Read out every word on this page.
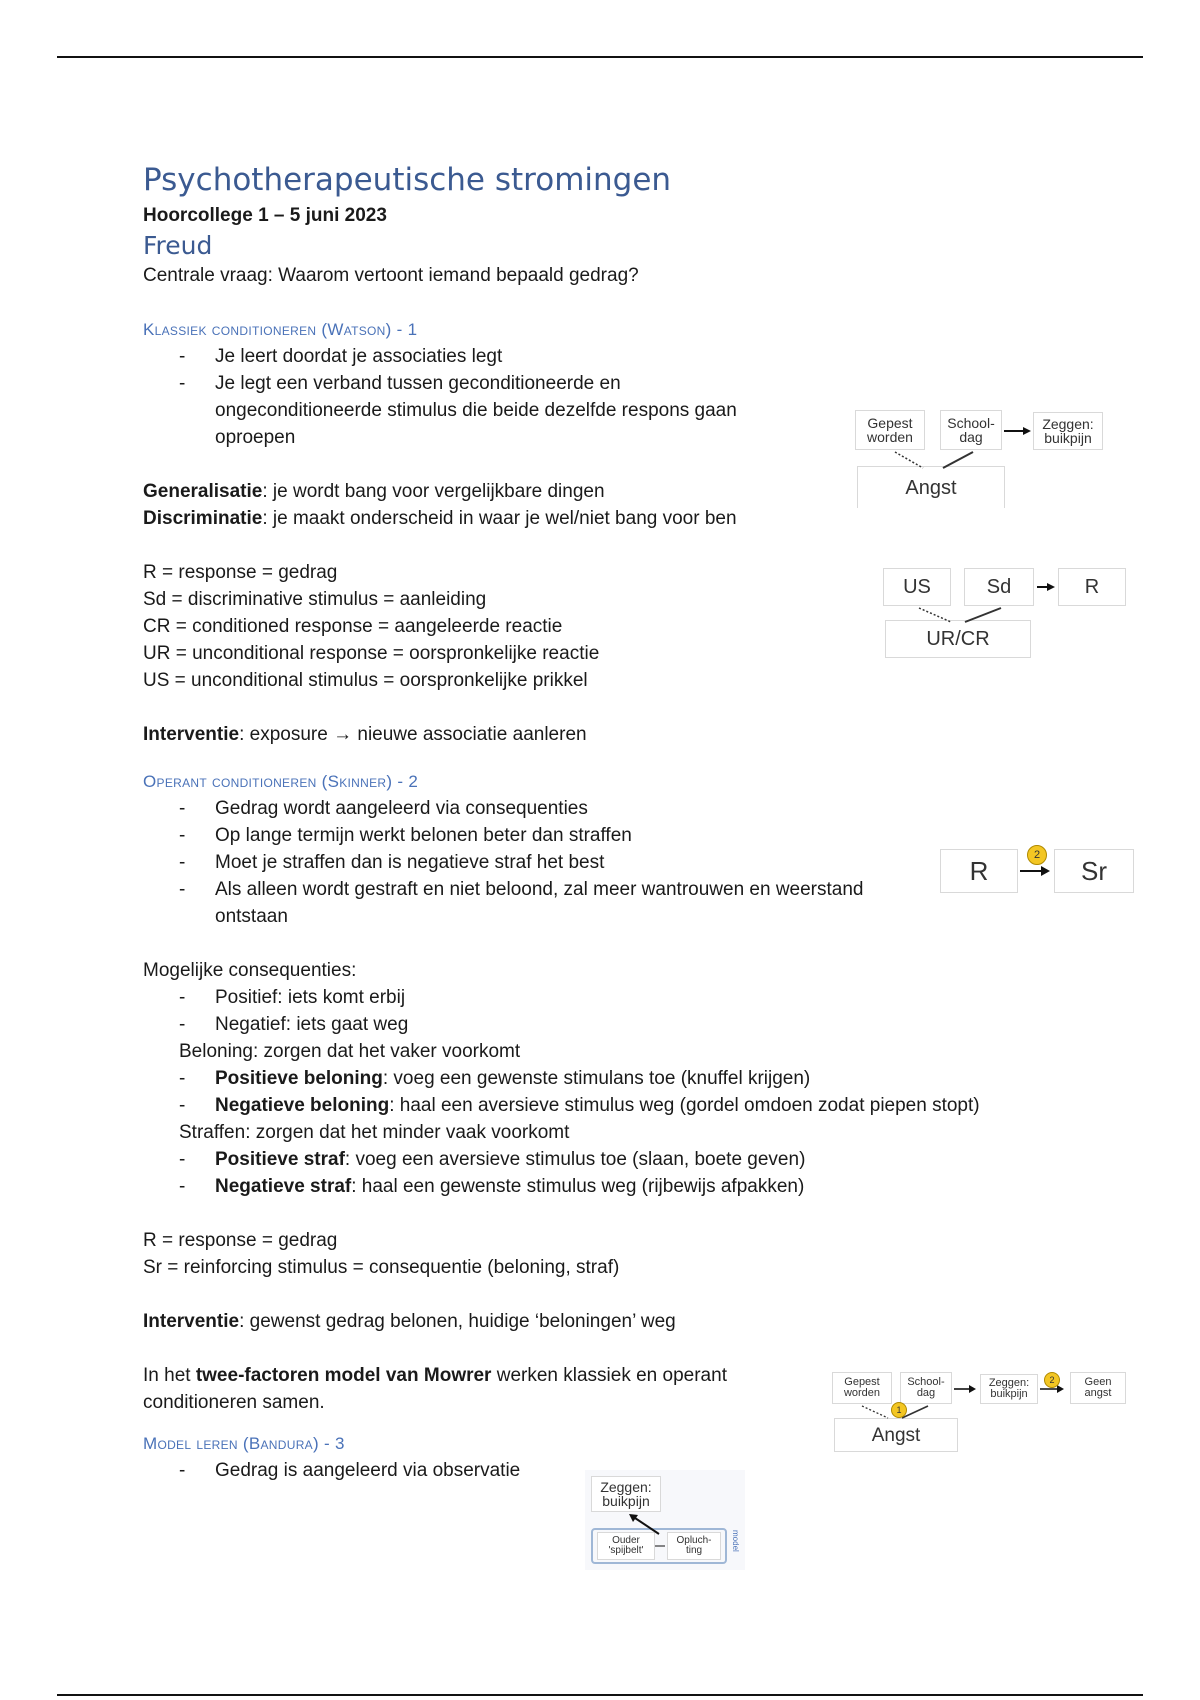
Psychotherapeutische stromingen
Hoorcollege 1 – 5 juni 2023
Freud
Centrale vraag: Waarom vertoont iemand bepaald gedrag?
Klassiek conditioneren (Watson) - 1
- Je leert doordat je associaties legt
- Je legt een verband tussen geconditioneerde en ongeconditioneerde stimulus die beide dezelfde respons gaan oproepen
Generalisatie: je wordt bang voor vergelijkbare dingen
Discriminatie: je maakt onderscheid in waar je wel/niet bang voor ben
R = response = gedrag
Sd = discriminative stimulus = aanleiding
CR = conditioned response = aangeleerde reactie
UR = unconditional response = oorspronkelijke reactie
US = unconditional stimulus = oorspronkelijke prikkel
Interventie: exposure → nieuwe associatie aanleren
Operant conditioneren (Skinner) - 2
- Gedrag wordt aangeleerd via consequenties
- Op lange termijn werkt belonen beter dan straffen
- Moet je straffen dan is negatieve straf het best
- Als alleen wordt gestraft en niet beloond, zal meer wantrouwen en weerstand ontstaan
Mogelijke consequenties:
- Positief: iets komt erbij
- Negatief: iets gaat weg
Beloning: zorgen dat het vaker voorkomt
- Positieve beloning: voeg een gewenste stimulans toe (knuffel krijgen)
- Negatieve beloning: haal een aversieve stimulus weg (gordel omdoen zodat piepen stopt)
Straffen: zorgen dat het minder vaak voorkomt
- Positieve straf: voeg een aversieve stimulus toe (slaan, boete geven)
- Negatieve straf: haal een gewenste stimulus weg (rijbewijs afpakken)
R = response = gedrag
Sr = reinforcing stimulus = consequentie (beloning, straf)
Interventie: gewenst gedrag belonen, huidige ‘beloningen’ weg
In het twee-factoren model van Mowrer werken klassiek en operant conditioneren samen.
Model leren (Bandura) - 3
- Gedrag is aangeleerd via observatie
Gepest worden
School-dag
Zeggen: buikpijn
Angst
US	Sd	R
UR/CR
R	Sr
2
Gepest worden
School-dag
Zeggen: buikpijn
Geen angst
Angst
1
2
Zeggen: buikpijn
Ouder 'spijbelt'
Opluch-ting	model
